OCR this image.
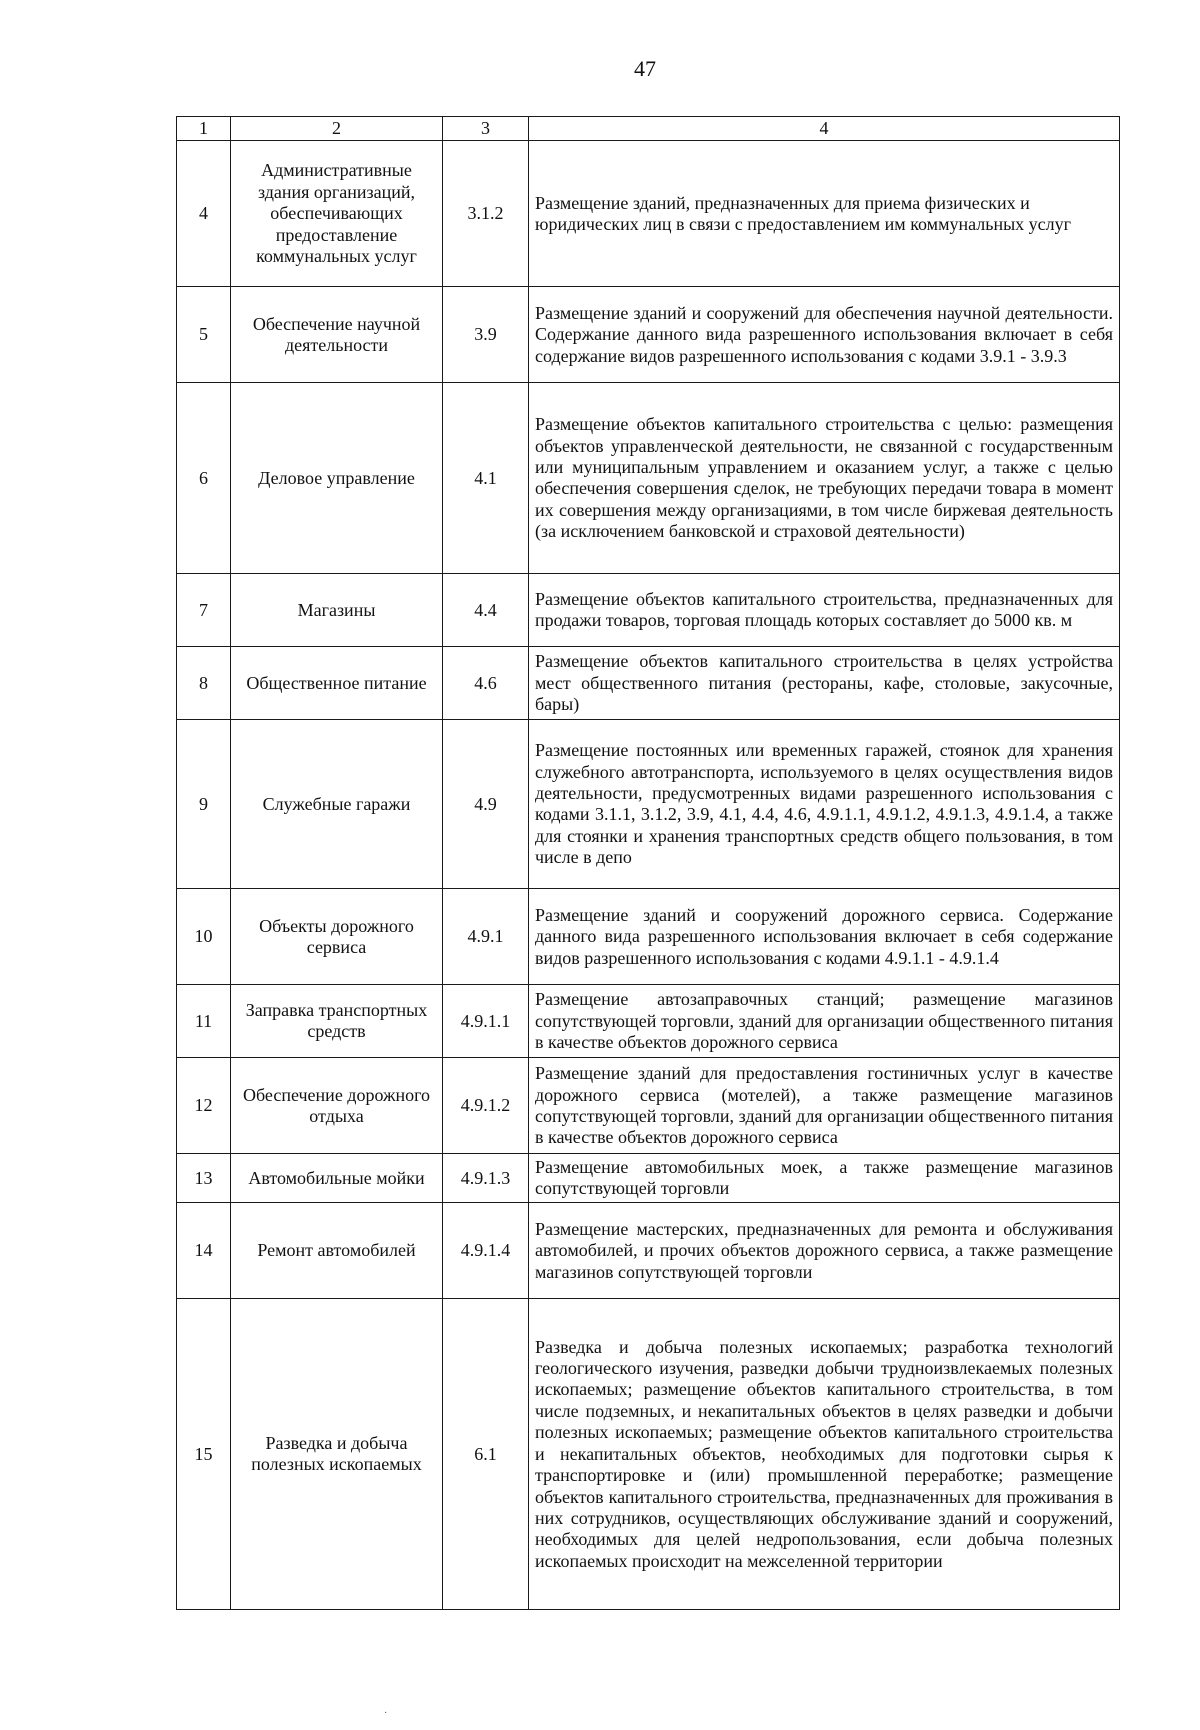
47
1	2	3	4
4	Административные здания организаций, обеспечивающих предоставление коммунальных услуг	3.1.2	Размещение зданий, предназначенных для приема физических и юридических лиц в связи с предоставлением им коммунальных услуг
5	Обеспечение научной деятельности	3.9	Размещение зданий и сооружений для обеспечения научной деятельности. Содержание данного вида разрешенного использования включает в себя содержание видов разрешенного использования с кодами 3.9.1 - 3.9.3
6	Деловое управление	4.1	Размещение объектов капитального строительства с целью: размещения объектов управленческой деятельности, не связанной с государственным или муниципальным управлением и оказанием услуг, а также с целью обеспечения совершения сделок, не требующих передачи товара в момент их совершения между организациями, в том числе биржевая деятельность (за исключением банковской и страховой деятельности)
7	Магазины	4.4	Размещение объектов капитального строительства, предназначенных для продажи товаров, торговая площадь которых составляет до 5000 кв. м
8	Общественное питание	4.6	Размещение объектов капитального строительства в целях устройства мест общественного питания (рестораны, кафе, столовые, закусочные, бары)
9	Служебные гаражи	4.9	Размещение постоянных или временных гаражей, стоянок для хранения служебного автотранспорта, используемого в целях осуществления видов деятельности, предусмотренных видами разрешенного использования с кодами 3.1.1, 3.1.2, 3.9, 4.1, 4.4, 4.6, 4.9.1.1, 4.9.1.2, 4.9.1.3, 4.9.1.4, а также для стоянки и хранения транспортных средств общего пользования, в том числе в депо
10	Объекты дорожного сервиса	4.9.1	Размещение зданий и сооружений дорожного сервиса. Содержание данного вида разрешенного использования включает в себя содержание видов разрешенного использования с кодами 4.9.1.1 - 4.9.1.4
11	Заправка транспортных средств	4.9.1.1	Размещение автозаправочных станций; размещение магазинов сопутствующей торговли, зданий для организации общественного питания в качестве объектов дорожного сервиса
12	Обеспечение дорожного отдыха	4.9.1.2	Размещение зданий для предоставления гостиничных услуг в качестве дорожного сервиса (мотелей), а также размещение магазинов сопутствующей торговли, зданий для организации общественного питания в качестве объектов дорожного сервиса
13	Автомобильные мойки	4.9.1.3	Размещение автомобильных моек, а также размещение магазинов сопутствующей торговли
14	Ремонт автомобилей	4.9.1.4	Размещение мастерских, предназначенных для ремонта и обслуживания автомобилей, и прочих объектов дорожного сервиса, а также размещение магазинов сопутствующей торговли
15	Разведка и добыча полезных ископаемых	6.1	Разведка и добыча полезных ископаемых; разработка технологий геологического изучения, разведки добычи трудноизвлекаемых полезных ископаемых; размещение объектов капитального строительства, в том числе подземных, и некапитальных объектов в целях разведки и добычи полезных ископаемых; размещение объектов капитального строительства и некапитальных объектов, необходимых для подготовки сырья к транспортировке и (или) промышленной переработке; размещение объектов капитального строительства, предназначенных для проживания в них сотрудников, осуществляющих обслуживание зданий и сооружений, необходимых для целей недропользования, если добыча полезных ископаемых происходит на межселенной территории
·
